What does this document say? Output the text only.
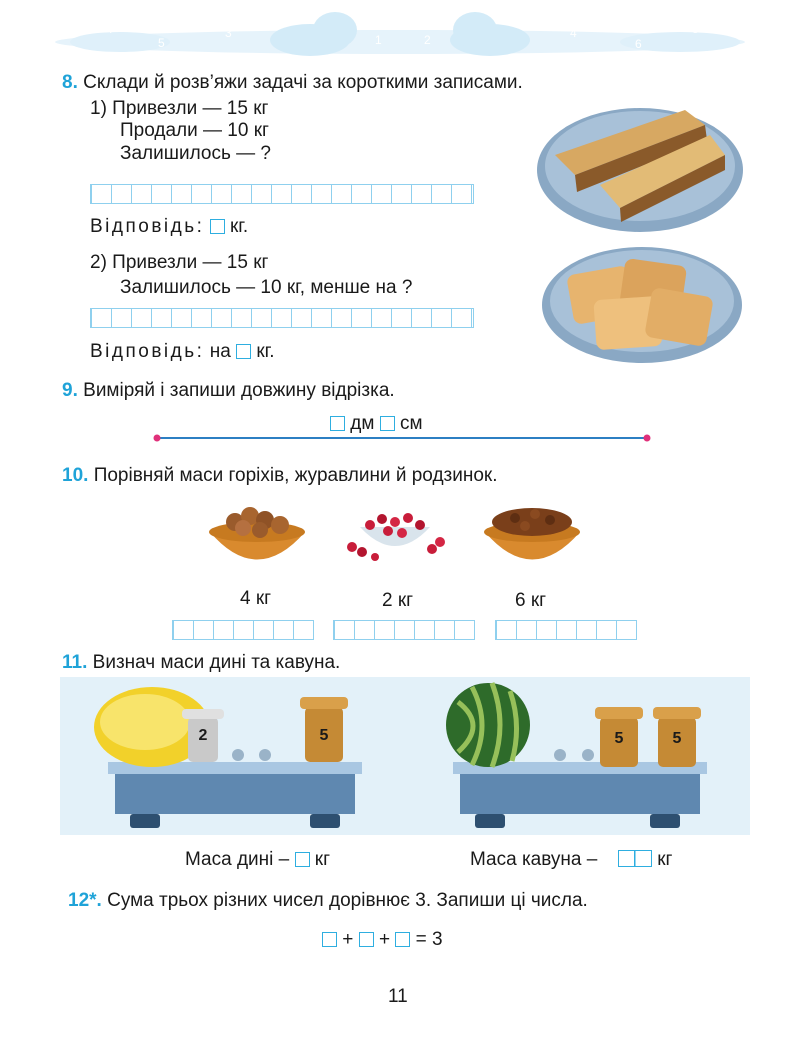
7
5
3	1
0
2	4
6
8
8. Склади й розв’яжи задачі за короткими записами.
1) Привезли — 15 кг
Продали — 10 кг
Залишилось — ?
Відповідь: кг.
2) Привезли — 15 кг
Залишилось — 10 кг, менше на ?
Відповідь: на кг.
9. Виміряй і запиши довжину відрізка.
дм см
10. Порівняй маси горіхів, журавлини й родзинок.
4 кг	2 кг	6 кг
11. Визнач маси дині та кавуна.
2	5	5	5
Маса дині – кг	Маса кавуна –	кг
12*. Сума трьох різних чисел дорівнює 3. Запиши ці числа.
+ + = 3
11
